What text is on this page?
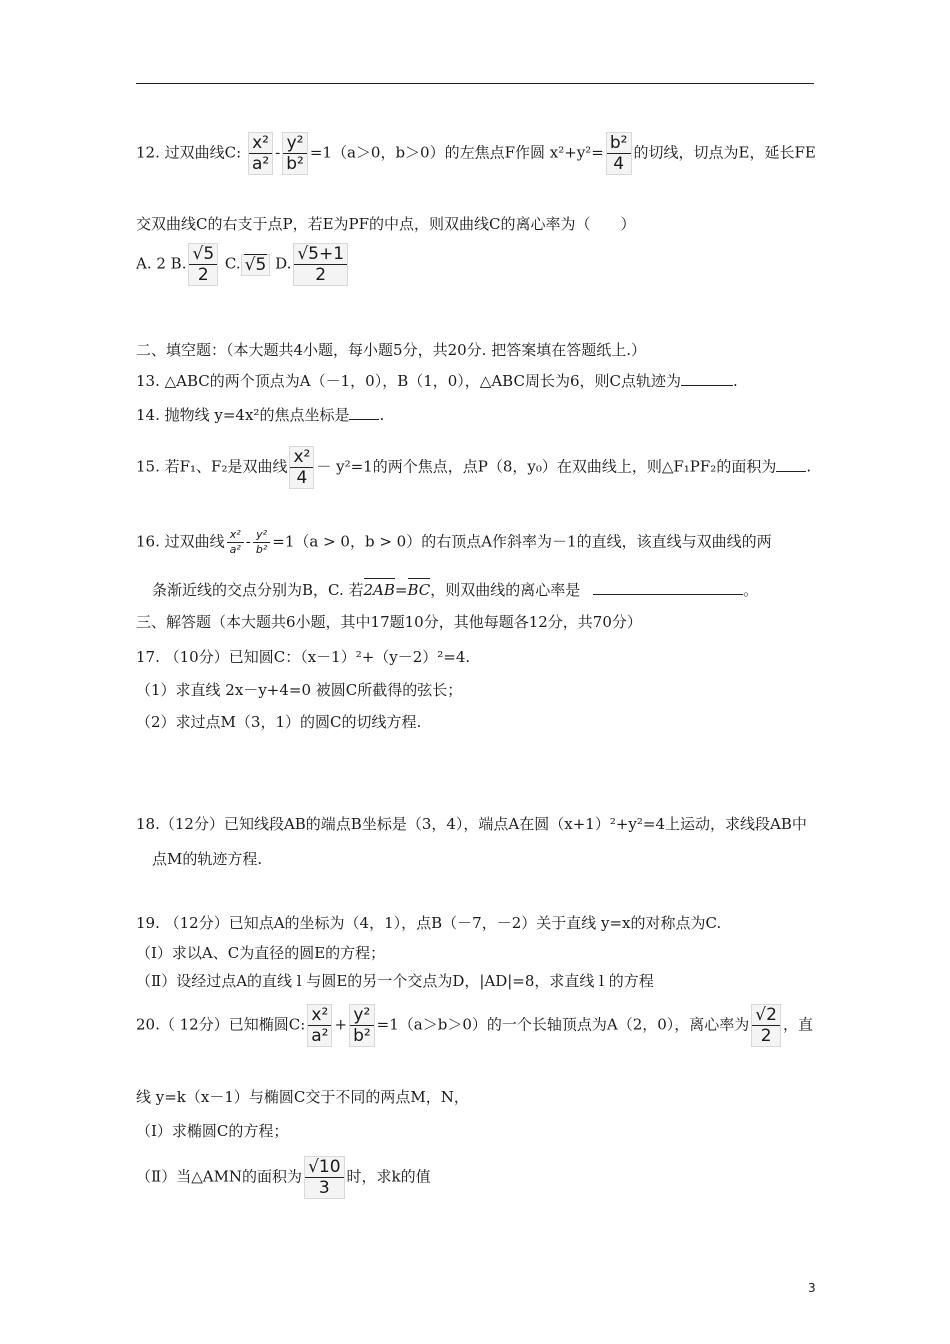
12. 过双曲线C: $\frac{\text{x²}}{\text{a²}} - \frac{\text{y²}}{\text{b²}} =1(a>0$，b＞0）的左焦点F作圆 $x^2+y^2= \frac{\text{b²}}{4}$ 的切线，切点为E，延长FE
交双曲线C的右支于点P，若E为PF的中点，则双曲线C的离心率为（　　）
A. 2 B. $\frac{√5}{2} C$. √5 D. $\frac{√5+1}{2}$
二、填空题：（本大题共4小题，每小题5分，共20分. 把答案填在答题纸上.）
13. △ABC的两个顶点为A（－1，0），B（1，0），△ABC周长为6，则C点轨迹为	.
14. 抛物线 y=4x²的焦点坐标是 .
15. 若F₁、F₂是双曲线 $\frac{\text{x²}}{4} - y^2=1$的两个焦点，点P（8，y₀）在双曲线上，则△F₁PF₂的面积为 .
16. 过双曲线 $\frac{\text{x²}}{\text{a²}} - \frac{\text{y²}}{\text{b²}} =1(a > 0$，b > 0）的右顶点A作斜率为－1的直线，该直线与双曲线的两
条渐近线的交点分别为B，C. 若2AB=BC，则双曲线的离心率是	。
三、解答题（本大题共6小题，其中17题10分，其他每题各12分，共70分）
17. （10分）已知圆C：（x－1）²+（y－2）²=4.
（1）求直线 2x－y+4=0 被圆C所截得的弦长；
（2）求过点M（3，1）的圆C的切线方程.
18.（12分）已知线段AB的端点B坐标是（3，4），端点A在圆（x+1）²+y²=4上运动，求线段AB中
点M的轨迹方程.
19. （12分）已知点A的坐标为（4，1），点B（－7，－2）关于直线 y=x的对称点为C.
（Ⅰ）求以A、C为直径的圆E的方程；
（Ⅱ）设经过点A的直线 l 与圆E的另一个交点为D，|AD|=8，求直线 l 的方程
20.（ 12分）已知椭圆C: $\frac{\text{x²}}{\text{a²}} + \frac{\text{y²}}{\text{b²}} =1(a>b>0)$的一个长轴顶点为A（2，0），离心率为 $\frac{√2}{2}$ ，直
线 y=k（x－1）与椭圆C交于不同的两点M，N，
（Ⅰ）求椭圆C的方程；
（Ⅱ）当△AMN的面积为 $\frac{√10}{3}$ 时，求k的值
3
